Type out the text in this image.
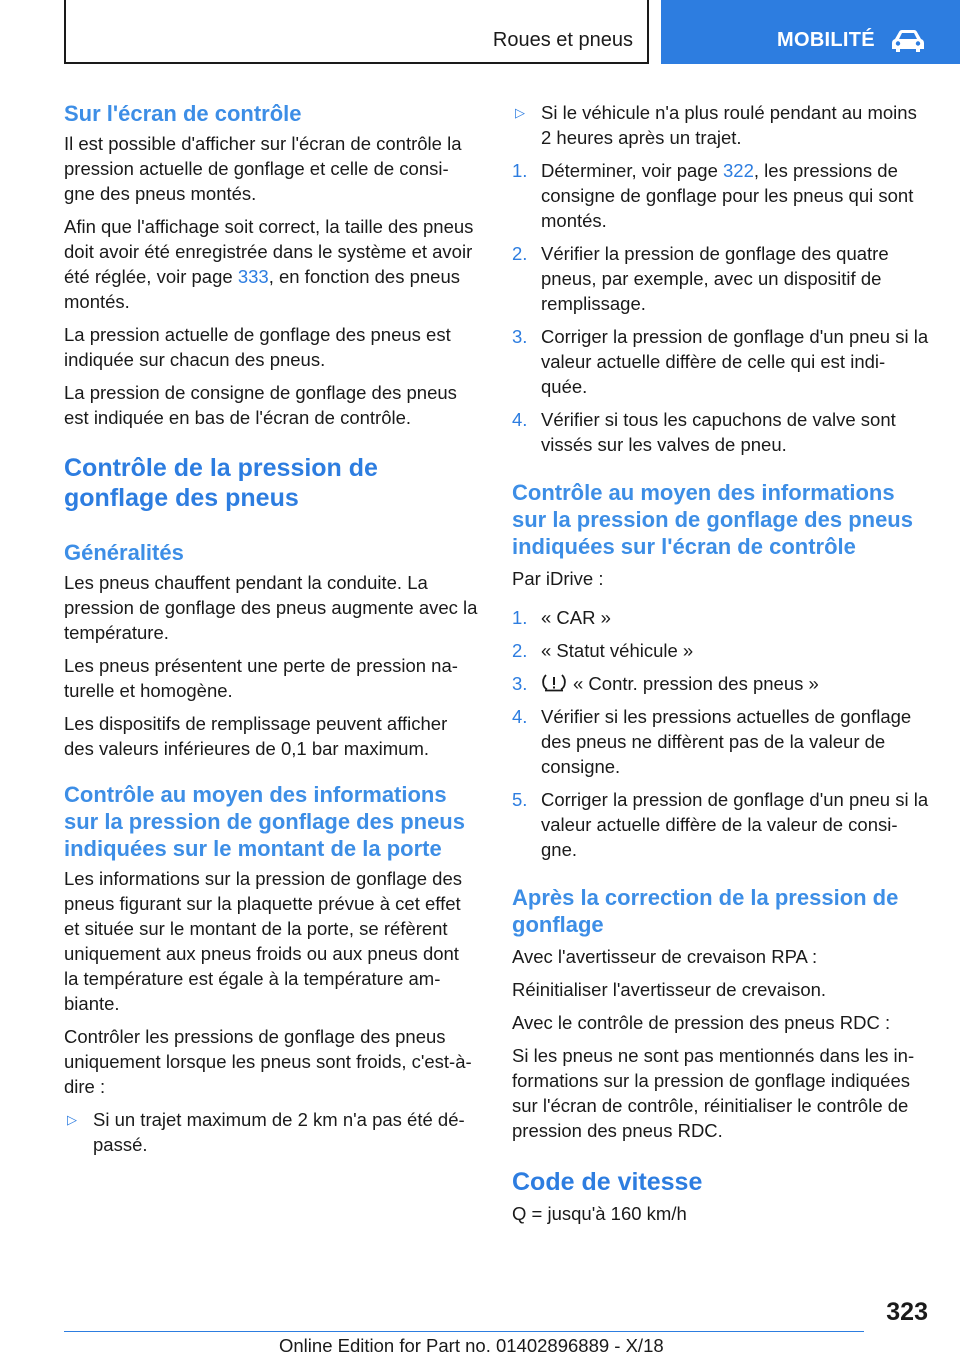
Roues et pneus	MOBILITÉ
Sur l'écran de contrôle
Il est possible d'afficher sur l'écran de contrôle la pression actuelle de gonflage et celle de consi-gne des pneus montés.
Afin que l'affichage soit correct, la taille des pneus doit avoir été enregistrée dans le système et avoir été réglée, voir page 333, en fonction des pneus montés.
La pression actuelle de gonflage des pneus est indiquée sur chacun des pneus.
La pression de consigne de gonflage des pneus est indiquée en bas de l'écran de contrôle.
Contrôle de la pression de gonflage des pneus
Généralités
Les pneus chauffent pendant la conduite. La pression de gonflage des pneus augmente avec la température.
Les pneus présentent une perte de pression na-turelle et homogène.
Les dispositifs de remplissage peuvent afficher des valeurs inférieures de 0,1 bar maximum.
Contrôle au moyen des informations sur la pression de gonflage des pneus indiquées sur le montant de la porte
Les informations sur la pression de gonflage des pneus figurant sur la plaquette prévue à cet effet et située sur le montant de la porte, se réfèrent uniquement aux pneus froids ou aux pneus dont la température est égale à la température am-biante.
Contrôler les pressions de gonflage des pneus uniquement lorsque les pneus sont froids, c'est-à-dire :
▷ Si un trajet maximum de 2 km n'a pas été dé-passé.
▷ Si le véhicule n'a plus roulé pendant au moins 2 heures après un trajet.
1. Déterminer, voir page 322, les pressions de consigne de gonflage pour les pneus qui sont montés.
2. Vérifier la pression de gonflage des quatre pneus, par exemple, avec un dispositif de remplissage.
3. Corriger la pression de gonflage d'un pneu si la valeur actuelle diffère de celle qui est indi-quée.
4. Vérifier si tous les capuchons de valve sont vissés sur les valves de pneu.
Contrôle au moyen des informations sur la pression de gonflage des pneus indiquées sur l'écran de contrôle
Par iDrive :
1. « CAR »
2. « Statut véhicule »
3.	« Contr. pression des pneus »
4. Vérifier si les pressions actuelles de gonflage des pneus ne diffèrent pas de la valeur de consigne.
5. Corriger la pression de gonflage d'un pneu si la valeur actuelle diffère de la valeur de consi-gne.
Après la correction de la pression de gonflage
Avec l'avertisseur de crevaison RPA :
Réinitialiser l'avertisseur de crevaison.
Avec le contrôle de pression des pneus RDC :
Si les pneus ne sont pas mentionnés dans les in-formations sur la pression de gonflage indiquées sur l'écran de contrôle, réinitialiser le contrôle de pression des pneus RDC.
Code de vitesse
Q = jusqu'à 160 km/h
323
Online Edition for Part no. 01402896889 - X/18
